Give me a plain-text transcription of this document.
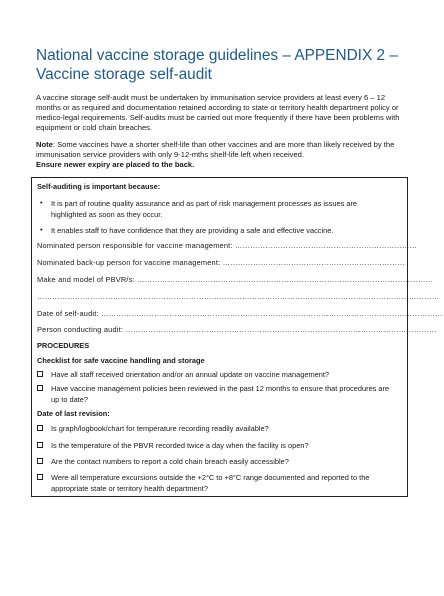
National vaccine storage guidelines – APPENDIX 2 – Vaccine storage self-audit

A vaccine storage self-audit must be undertaken by immunisation service providers at least every 6 – 12 months or as required and documentation retained according to state or territory health department policy or medico-legal requirements. Self-audits must be carried out more frequently if there have been problems with equipment or cold chain breaches.

Note: Some vaccines have a shorter shelf-life than other vaccines and are more than likely received by the immunisation service providers with only 9-12-mths shelf-life left when received.
Ensure newer expiry are placed to the back.

Self-auditing is important because:
• It is part of routine quality assurance and as part of risk management processes as issues are highlighted as soon as they occur.
• It enables staff to have confidence that they are providing a safe and effective vaccine.
Nominated person responsible for vaccine management: ………………………………………………………………
Nominated back-up person for vaccine management: ………………………………………………………………
Make and model of PBVR/s: ………………………………………………………………………………………………………
……………………………………………………………………………………………………………………………………………
Date of self-audit: ………………………………………………………………………………………………………………………
Person conducting audit: ……………………………………………………………………………………………………………
PROCEDURES
Checklist for safe vaccine handling and storage
Have all staff received orientation and/or an annual update on vaccine management?
Have vaccine management policies been reviewed in the past 12 months to ensure that procedures are up to date?
Date of last revision:
Is graph/logbook/chart for temperature recording readily available?
Is the temperature of the PBVR recorded twice a day when the facility is open?
Are the contact numbers to report a cold chain breach easily accessible?
Were all temperature excursions outside the +2°C to +8°C range documented and reported to the appropriate state or territory health department?
